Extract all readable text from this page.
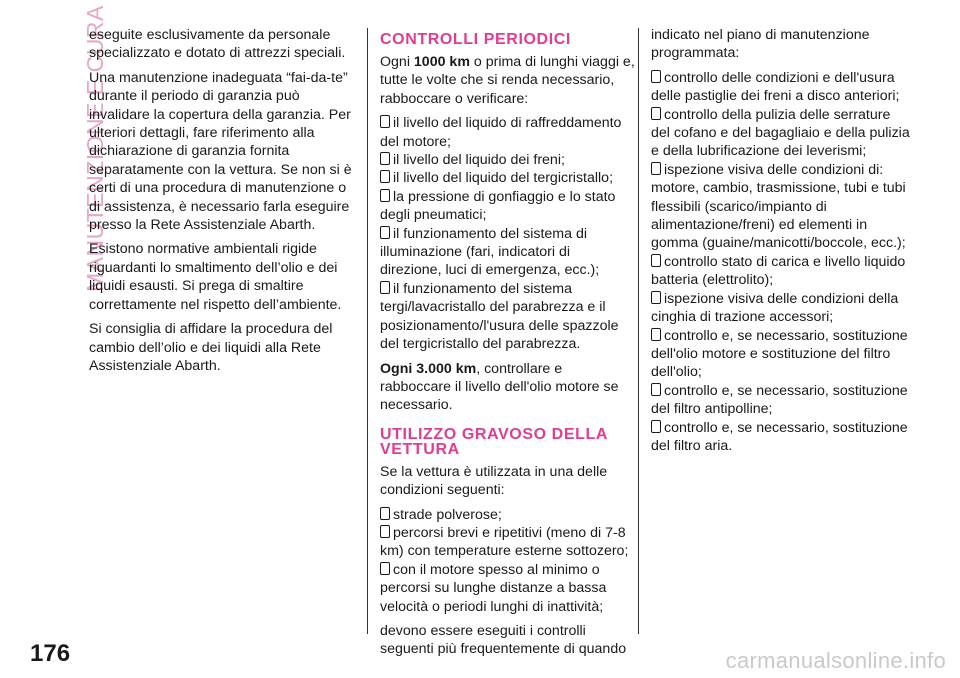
MANUTENZIONE E CURA

eseguite esclusivamente da personale specializzato e dotato di attrezzi speciali.

Una manutenzione inadeguata “fai-da-te” durante il periodo di garanzia può invalidare la copertura della garanzia. Per ulteriori dettagli, fare riferimento alla dichiarazione di garanzia fornita separatamente con la vettura. Se non si è certi di una procedura di manutenzione o di assistenza, è necessario farla eseguire presso la Rete Assistenziale Abarth.

Esistono normative ambientali rigide riguardanti lo smaltimento dell’olio e dei liquidi esausti. Si prega di smaltire correttamente nel rispetto dell’ambiente.

Si consiglia di affidare la procedura del cambio dell’olio e dei liquidi alla Rete Assistenziale Abarth.

CONTROLLI PERIODICI

Ogni 1000 km o prima di lunghi viaggi e, tutte le volte che si renda necessario, rabboccare o verificare:

il livello del liquido di raffreddamento del motore;
il livello del liquido dei freni;
il livello del liquido del tergicristallo;
la pressione di gonfiaggio e lo stato degli pneumatici;
il funzionamento del sistema di illuminazione (fari, indicatori di direzione, luci di emergenza, ecc.);
il funzionamento del sistema tergi/lavacristallo del parabrezza e il posizionamento/l'usura delle spazzole del tergicristallo del parabrezza.

Ogni 3.000 km, controllare e rabboccare il livello dell'olio motore se necessario.

UTILIZZO GRAVOSO DELLA VETTURA

Se la vettura è utilizzata in una delle condizioni seguenti:

strade polverose;
percorsi brevi e ripetitivi (meno di 7-8 km) con temperature esterne sottozero;
con il motore spesso al minimo o percorsi su lunghe distanze a bassa velocità o periodi lunghi di inattività;

devono essere eseguiti i controlli seguenti più frequentemente di quando

indicato nel piano di manutenzione programmata:

controllo delle condizioni e dell'usura delle pastiglie dei freni a disco anteriori;
controllo della pulizia delle serrature del cofano e del bagagliaio e della pulizia e della lubrificazione dei leverismi;
ispezione visiva delle condizioni di: motore, cambio, trasmissione, tubi e tubi flessibili (scarico/impianto di alimentazione/freni) ed elementi in gomma (guaine/manicotti/boccole, ecc.);
controllo stato di carica e livello liquido batteria (elettrolito);
ispezione visiva delle condizioni della cinghia di trazione accessori;
controllo e, se necessario, sostituzione dell'olio motore e sostituzione del filtro dell'olio;
controllo e, se necessario, sostituzione del filtro antipolline;
controllo e, se necessario, sostituzione del filtro aria.
176	carmanualsonline.info
